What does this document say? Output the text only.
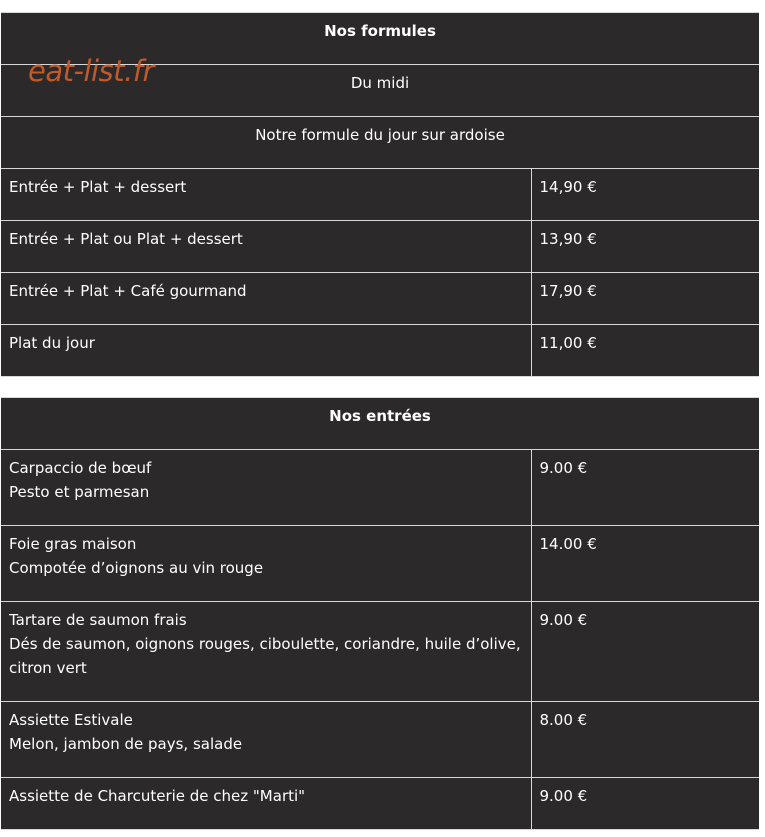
Nos formules	

Du midi	

Notre formule du jour sur ardoise	

Entrée + Plat + dessert	14,90 €

Entrée + Plat ou Plat + dessert	13,90 €

Entrée + Plat + Café gourmand	17,90 €

Plat du jour	11,00 €
eat-list.fr
Nos entrées	

Carpaccio de bœuf
Pesto et parmesan	9.00 €

Foie gras maison
Compotée d’oignons au vin rouge	14.00 €

Tartare de saumon frais
Dés de saumon, oignons rouges, ciboulette, coriandre, huile d’olive, citron vert	9.00 €

Assiette Estivale
Melon, jambon de pays, salade	8.00 €

Assiette de Charcuterie de chez "Marti"	9.00 €
